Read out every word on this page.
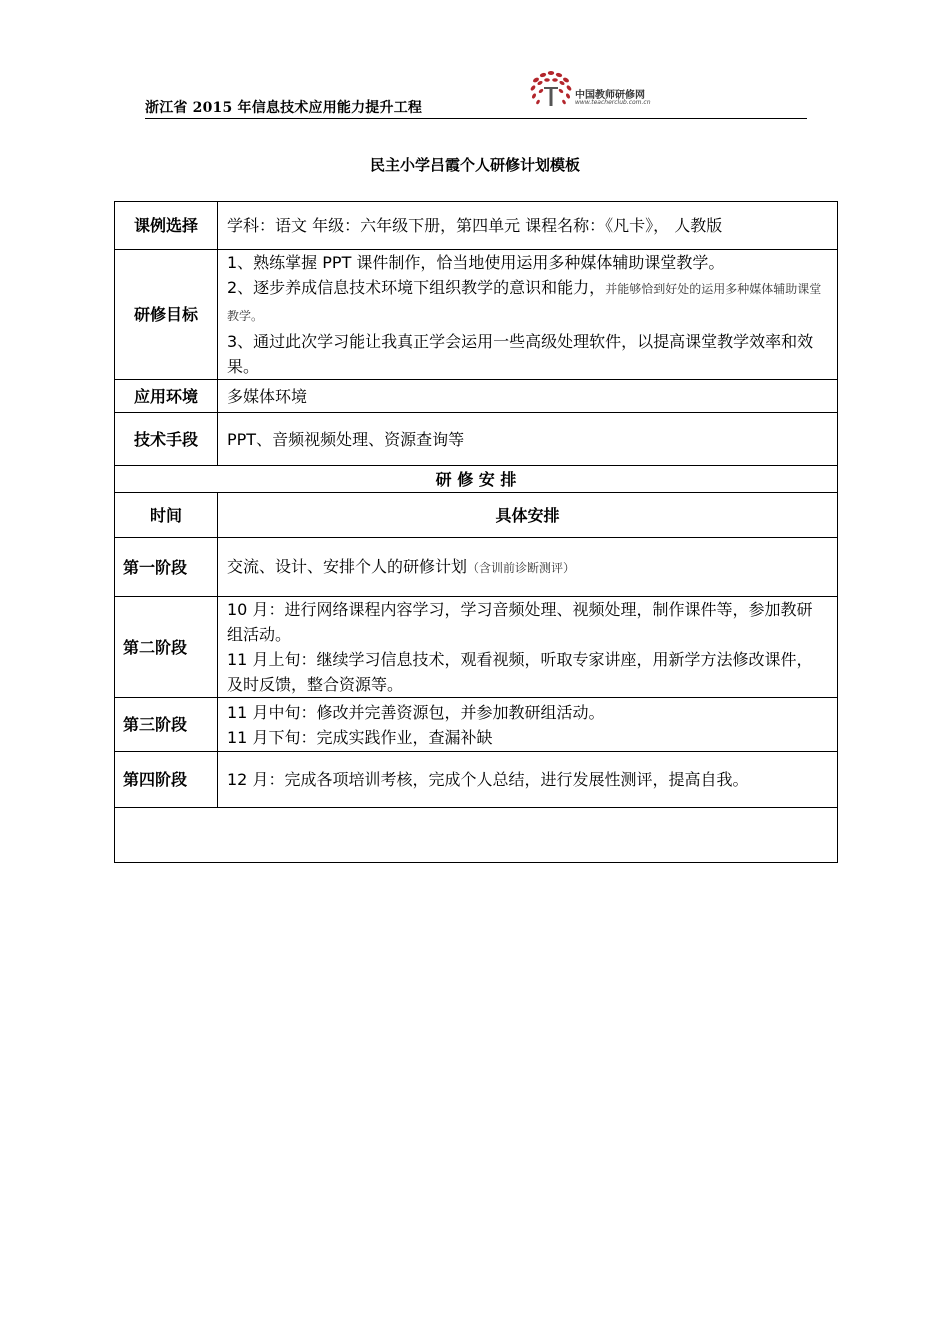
浙江省 2015 年信息技术应用能力提升工程
中国教师研修网
www.teacherclub.com.cn
民主小学吕霞个人研修计划模板
课例选择	学科：语文 年级：六年级下册，第四单元 课程名称：《凡卡》， 人教版
研修目标	1、熟练掌握 PPT 课件制作，恰当地使用运用多种媒体辅助课堂教学。
2、逐步养成信息技术环境下组织教学的意识和能力，并能够恰到好处的运用多种媒体辅助课堂教学。
3、通过此次学习能让我真正学会运用一些高级处理软件，以提高课堂教学效率和效果。

应用环境	多媒体环境
技术手段	PPT、音频视频处理、资源查询等
研 修 安 排	
时间	具体安排
第一阶段	交流、设计、安排个人的研修计划（含训前诊断测评）
第二阶段	10 月：进行网络课程内容学习，学习音频处理、视频处理，制作课件等，参加教研组活动。
11 月上旬：继续学习信息技术，观看视频，听取专家讲座，用新学方法修改课件，及时反馈，整合资源等。

第三阶段	11 月中旬：修改并完善资源包，并参加教研组活动。
11 月下旬：完成实践作业，查漏补缺

第四阶段	12 月：完成各项培训考核，完成个人总结，进行发展性测评，提高自我。
